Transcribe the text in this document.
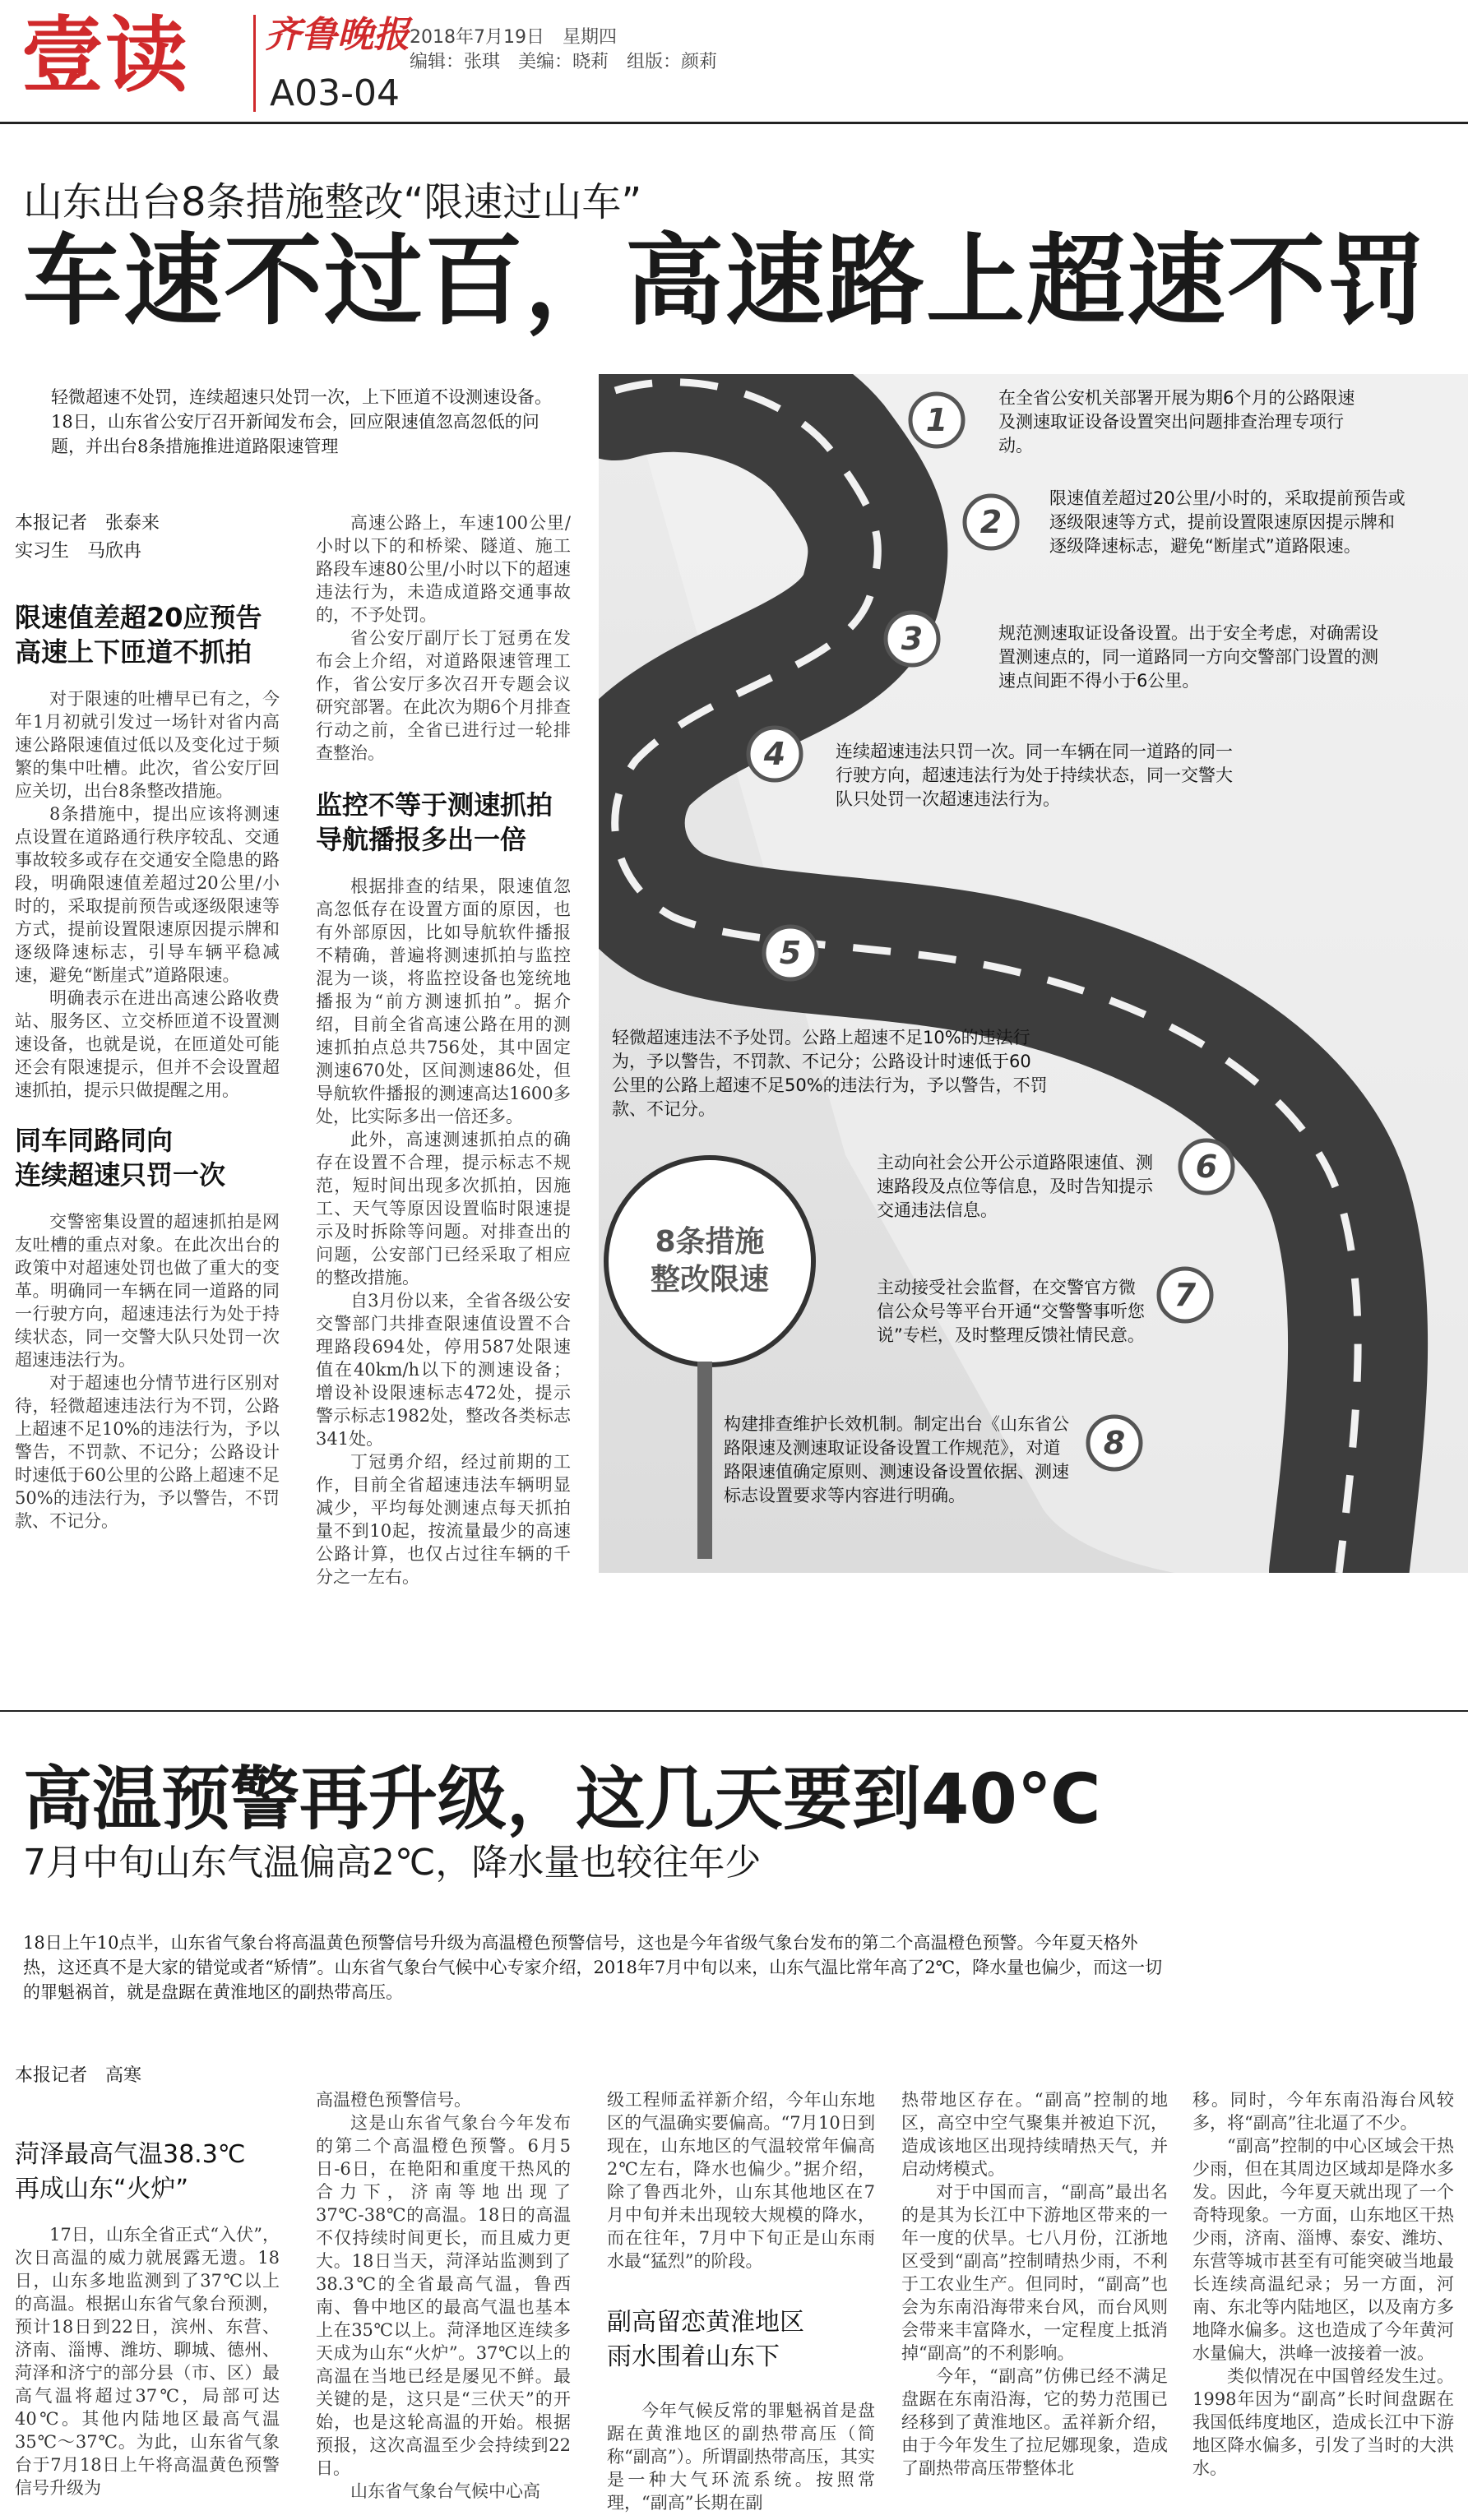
壹读 齐鲁晚报
A03-04
2018年7月19日　星期四
编辑：张琪　美编：晓莉　组版：颜莉
山东出台8条措施整改“限速过山车”
车速不过百，高速路上超速不罚
轻微超速不处罚，连续超速只处罚一次，上下匝道不设测速设备。18日，山东省公安厅召开新闻发布会，回应限速值忽高忽低的问题，并出台8条措施推进道路限速管理
本报记者　张泰来
实习生　马欣冉
限速值差超20应预告
高速上下匝道不抓拍

对于限速的吐槽早已有之，今年1月初就引发过一场针对省内高速公路限速值过低以及变化过于频繁的集中吐槽。此次，省公安厅回应关切，出台8条整改措施。

8条措施中，提出应该将测速点设置在道路通行秩序较乱、交通事故较多或存在交通安全隐患的路段，明确限速值差超过20公里/小时的，采取提前预告或逐级限速等方式，提前设置限速原因提示牌和逐级降速标志，引导车辆平稳减速，避免“断崖式”道路限速。

明确表示在进出高速公路收费站、服务区、立交桥匝道不设置测速设备，也就是说，在匝道处可能还会有限速提示，但并不会设置超速抓拍，提示只做提醒之用。

同车同路同向
连续超速只罚一次

交警密集设置的超速抓拍是网友吐槽的重点对象。在此次出台的政策中对超速处罚也做了重大的变革。明确同一车辆在同一道路的同一行驶方向，超速违法行为处于持续状态，同一交警大队只处罚一次超速违法行为。

对于超速也分情节进行区别对待，轻微超速违法行为不罚，公路上超速不足10%的违法行为，予以警告，不罚款、不记分；公路设计时速低于60公里的公路上超速不足50%的违法行为，予以警告，不罚款、不记分。

高速公路上，车速100公里/小时以下的和桥梁、隧道、施工路段车速80公里/小时以下的超速违法行为，未造成道路交通事故的，不予处罚。

省公安厅副厅长丁冠勇在发布会上介绍，对道路限速管理工作，省公安厅多次召开专题会议研究部署。在此次为期6个月排查行动之前，全省已进行过一轮排查整治。

监控不等于测速抓拍
导航播报多出一倍

根据排查的结果，限速值忽高忽低存在设置方面的原因，也有外部原因，比如导航软件播报不精确，普遍将测速抓拍与监控混为一谈，将监控设备也笼统地播报为“前方测速抓拍”。据介绍，目前全省高速公路在用的测速抓拍点总共756处，其中固定测速670处，区间测速86处，但导航软件播报的测速高达1600多处，比实际多出一倍还多。

此外，高速测速抓拍点的确存在设置不合理，提示标志不规范，短时间出现多次抓拍，因施工、天气等原因设置临时限速提示及时拆除等问题。对排查出的问题，公安部门已经采取了相应的整改措施。

自3月份以来，全省各级公安交警部门共排查限速值设置不合理路段694处，停用587处限速值在40km/h以下的测速设备；增设补设限速标志472处，提示警示标志1982处，整改各类标志341处。

丁冠勇介绍，经过前期的工作，目前全省超速违法车辆明显减少，平均每处测速点每天抓拍量不到10起，按流量最少的高速公路计算，也仅占过往车辆的千分之一左右。

1
2
3
4
5
6
7
8
在全省公安机关部署开展为期6个月的公路限速及测速取证设备设置突出问题排查治理专项行动。
限速值差超过20公里/小时的，采取提前预告或逐级限速等方式，提前设置限速原因提示牌和逐级降速标志，避免“断崖式”道路限速。
规范测速取证设备设置。出于安全考虑，对确需设置测速点的，同一道路同一方向交警部门设置的测速点间距不得小于6公里。
连续超速违法只罚一次。同一车辆在同一道路的同一行驶方向，超速违法行为处于持续状态，同一交警大队只处罚一次超速违法行为。
轻微超速违法不予处罚。公路上超速不足10%的违法行为，予以警告，不罚款、不记分；公路设计时速低于60公里的公路上超速不足50%的违法行为，予以警告，不罚款、不记分。
主动向社会公开公示道路限速值、测速路段及点位等信息，及时告知提示交通违法信息。
主动接受社会监督，在交警官方微信公众号等平台开通“交警警事听您说”专栏，及时整理反馈社情民意。
构建排查维护长效机制。制定出台《山东省公路限速及测速取证设备设置工作规范》，对道路限速值确定原则、测速设备设置依据、测速标志设置要求等内容进行明确。
8条措施
整改限速
高温预警再升级，这几天要到40℃
7月中旬山东气温偏高2℃，降水量也较往年少
18日上午10点半，山东省气象台将高温黄色预警信号升级为高温橙色预警信号，这也是今年省级气象台发布的第二个高温橙色预警。今年夏天格外热，这还真不是大家的错觉或者“矫情”。山东省气象台气候中心专家介绍，2018年7月中旬以来，山东气温比常年高了2℃，降水量也偏少，而这一切的罪魁祸首，就是盘踞在黄淮地区的副热带高压。
本报记者　高寒
菏泽最高气温38.3℃
再成山东“火炉”

17日，山东全省正式“入伏”，次日高温的威力就展露无遗。18日，山东多地监测到了37℃以上的高温。根据山东省气象台预测，预计18日到22日，滨州、东营、济南、淄博、潍坊、聊城、德州、菏泽和济宁的部分县（市、区）最高气温将超过37℃，局部可达40℃。其他内陆地区最高气温35℃～37℃。为此，山东省气象台于7月18日上午将高温黄色预警信号升级为

高温橙色预警信号。

这是山东省气象台今年发布的第二个高温橙色预警。6月5日-6日，在艳阳和重度干热风的合力下，济南等地出现了37℃-38℃的高温。18日的高温不仅持续时间更长，而且威力更大。18日当天，菏泽站监测到了38.3℃的全省最高气温，鲁西南、鲁中地区的最高气温也基本上在35℃以上。菏泽地区连续多天成为山东“火炉”。37℃以上的高温在当地已经是屡见不鲜。最关键的是，这只是“三伏天”的开始，也是这轮高温的开始。根据预报，这次高温至少会持续到22日。

山东省气象台气候中心高

级工程师孟祥新介绍，今年山东地区的气温确实要偏高。“7月10日到现在，山东地区的气温较常年偏高2℃左右，降水也偏少。”据介绍，除了鲁西北外，山东其他地区在7月中旬并未出现较大规模的降水，而在往年，7月中下旬正是山东雨水最“猛烈”的阶段。

副高留恋黄淮地区
雨水围着山东下

今年气候反常的罪魁祸首是盘踞在黄淮地区的副热带高压（简称“副高”）。所谓副热带高压，其实是一种大气环流系统。按照常理，“副高”长期在副

热带地区存在。“副高”控制的地区，高空中空气聚集并被迫下沉，造成该地区出现持续晴热天气，并启动烤模式。

对于中国而言，“副高”最出名的是其为长江中下游地区带来的一年一度的伏旱。七八月份，江浙地区受到“副高”控制晴热少雨，不利于工农业生产。但同时，“副高”也会为东南沿海带来台风，而台风则会带来丰富降水，一定程度上抵消掉“副高”的不利影响。

今年，“副高”仿佛已经不满足盘踞在东南沿海，它的势力范围已经移到了黄淮地区。孟祥新介绍，由于今年发生了拉尼娜现象，造成了副热带高压带整体北

移。同时，今年东南沿海台风较多，将“副高”往北逼了不少。

“副高”控制的中心区域会干热少雨，但在其周边区域却是降水多发。因此，今年夏天就出现了一个奇特现象。一方面，山东地区干热少雨，济南、淄博、泰安、潍坊、东营等城市甚至有可能突破当地最长连续高温纪录；另一方面，河南、东北等内陆地区，以及南方多地降水偏多。这也造成了今年黄河水量偏大，洪峰一波接着一波。

类似情况在中国曾经发生过。1998年因为“副高”长时间盘踞在我国低纬度地区，造成长江中下游地区降水偏多，引发了当时的大洪水。
